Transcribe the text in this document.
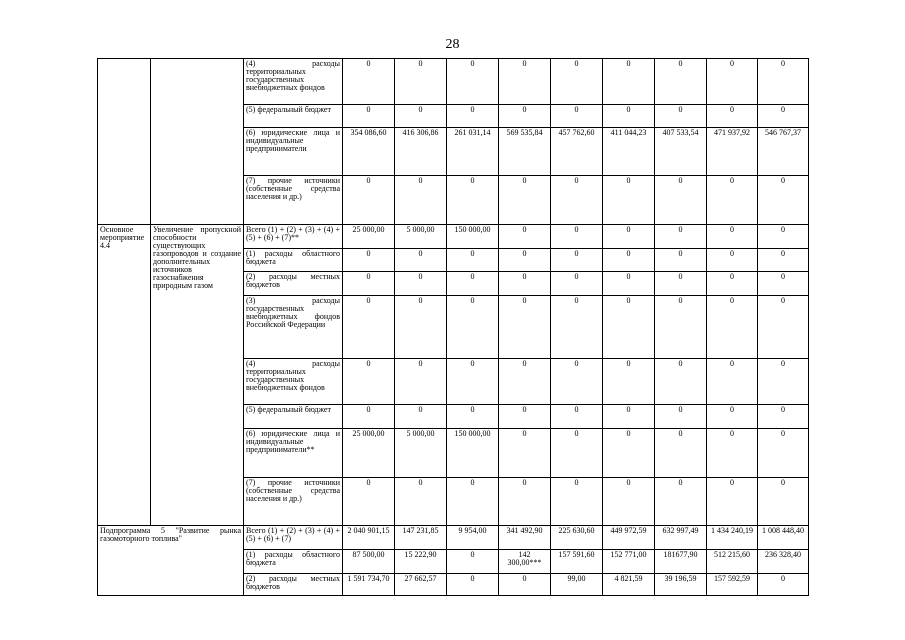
28
		(4) расходы территориальных государственных внебюджетных фондов	0	0	0	0	0	0	0	0	0
		(5) федеральный бюджет	0	0	0	0	0	0	0	0	0
		(6) юридические лица и индивидуальные предприниматели	354 086,60	416 306,86	261 031,14	569 535,84	457 762,60	411 044,23	407 533,54	471 937,92	546 767,37
		(7) прочие источники (собственные средства населения и др.)	0	0	0	0	0	0	0	0	0
Основное мероприятие 4.4	Увеличение пропускной способности существующих газопроводов и создание дополнительных источников газоснабжения природным газом	Всего (1) + (2) + (3) + (4) + (5) + (6) + (7)**	25 000,00	5 000,00	150 000,00	0	0	0	0	0	0
		(1) расходы областного бюджета	0	0	0	0	0	0	0	0	0
		(2) расходы местных бюджетов	0	0	0	0	0	0	0	0	0
		(3) расходы государственных внебюджетных фондов Российской Федерации	0	0	0	0	0	0	0	0	0
		(4) расходы территориальных государственных внебюджетных фондов	0	0	0	0	0	0	0	0	0
		(5) федеральный бюджет	0	0	0	0	0	0	0	0	0
		(6) юридические лица и индивидуальные предприниматели**	25 000,00	5 000,00	150 000,00	0	0	0	0	0	0
		(7) прочие источники (собственные средства населения и др.)	0	0	0	0	0	0	0	0	0
Подпрограмма 5 "Развитие рынка газомоторного топлива"		Всего (1) + (2) + (3) + (4) + (5) + (6) + (7)	2 040 901,15	147 231,85	9 954,00	341 492,90	225 630,60	449 972,59	632 997,49	1 434 240,19	1 008 448,40
		(1) расходы областного бюджета	87 500,00	15 222,90	0	142 300,00***	157 591,60	152 771,00	181677,90	512 215,60	236 328,40
		(2) расходы местных бюджетов	1 591 734,70	27 662,57	0	0	99,00	4 821,59	39 196,59	157 592,59	0
